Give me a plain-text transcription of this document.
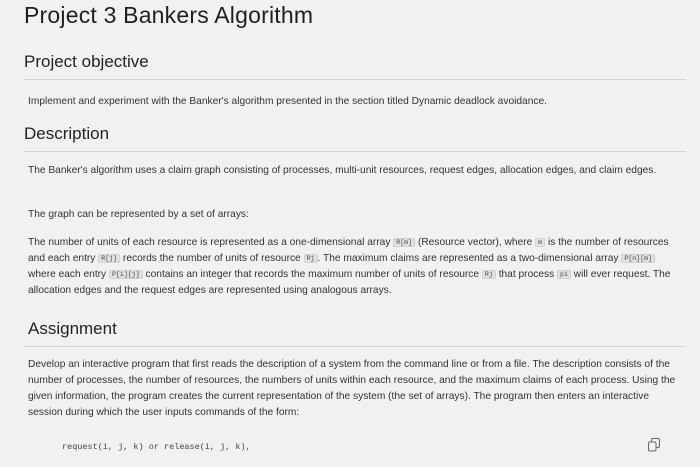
Project 3 Bankers Algorithm
Project objective

Implement and experiment with the Banker's algorithm presented in the section titled Dynamic deadlock avoidance.

Description

The Banker's algorithm uses a claim graph consisting of processes, multi-unit resources, request edges, allocation edges, and claim edges.

The graph can be represented by a set of arrays:

The number of units of each resource is represented as a one-dimensional array R[m] (Resource vector), where m is the number of resources and each entry R[j] records the number of units of resource Rj . The maximum claims are represented as a two-dimensional array P[n][m] where each entry P[i][j] contains an integer that records the maximum number of units of resource Rj that process pi will ever request. The allocation edges and the request edges are represented using analogous arrays.

Assignment

Develop an interactive program that first reads the description of a system from the command line or from a file. The description consists of the number of processes, the number of resources, the numbers of units within each resource, and the maximum claims of each process. Using the given information, the program creates the current representation of the system (the set of arrays). The program then enters an interactive session during which the user inputs commands of the form:

request(i, j, k) or release(i, j, k),
